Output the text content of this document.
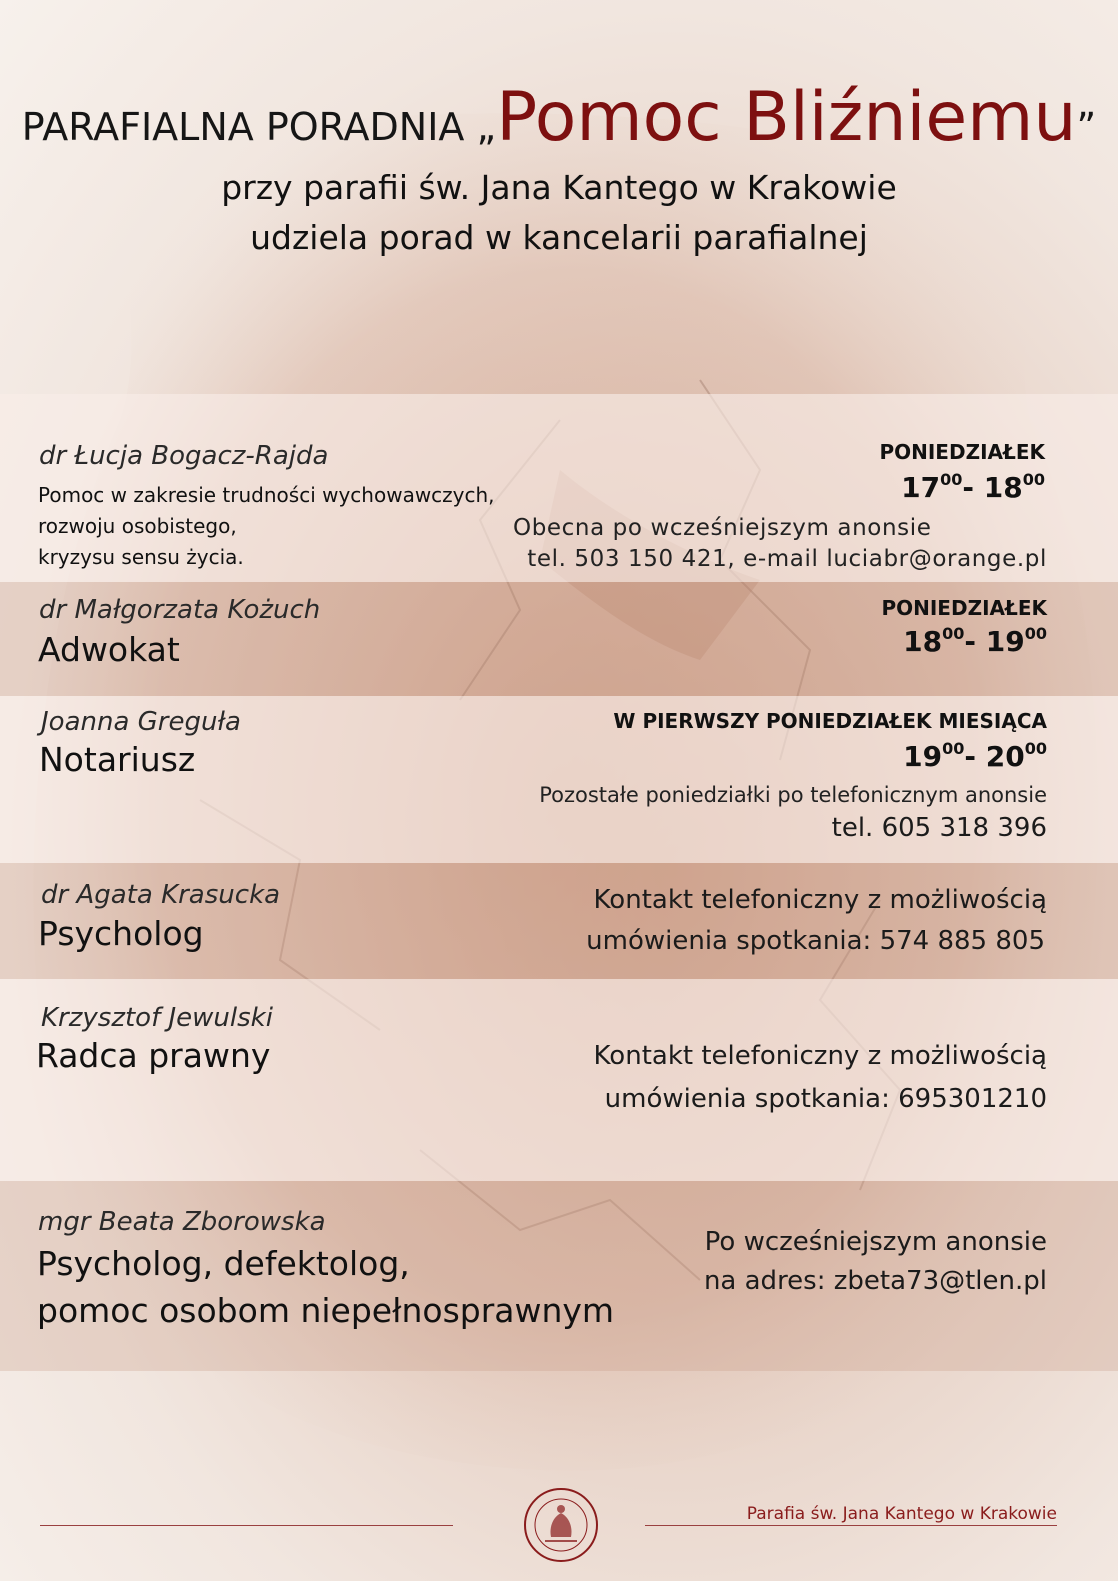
PARAFIALNA PORADNIA „Pomoc Bliźniemu”
przy parafii św. Jana Kantego w Krakowie
udziela porad w kancelarii parafialnej
dr Łucja Bogacz-Rajda
Pomoc w zakresie trudności wychowawczych,
rozwoju osobistego,
kryzysu sensu życia.
PONIEDZIAŁEK
$17^{00}-$ $18^{00}$
Obecna po wcześniejszym anonsie
tel. 503 150 421, e-mail luciabr@orange.pl
dr Małgorzata Kożuch
Adwokat
PONIEDZIAŁEK
$18^{00}-$ $19^{00}$
Joanna Greguła
Notariusz
W PIERWSZY PONIEDZIAŁEK MIESIĄCA
$19^{00}-$ $20^{00}$
Pozostałe poniedziałki po telefonicznym anonsie
tel. 605 318 396
dr Agata Krasucka
Psycholog
Kontakt telefoniczny z możliwością
umówienia spotkania: 574 885 805
Krzysztof Jewulski
Radca prawny	Kontakt telefoniczny z możliwością
umówienia spotkania: 695301210
mgr Beata Zborowska
Psycholog, defektolog,
pomoc osobom niepełnosprawnym
Po wcześniejszym anonsie
na adres: zbeta73@tlen.pl
Parafia św. Jana Kantego w Krakowie
